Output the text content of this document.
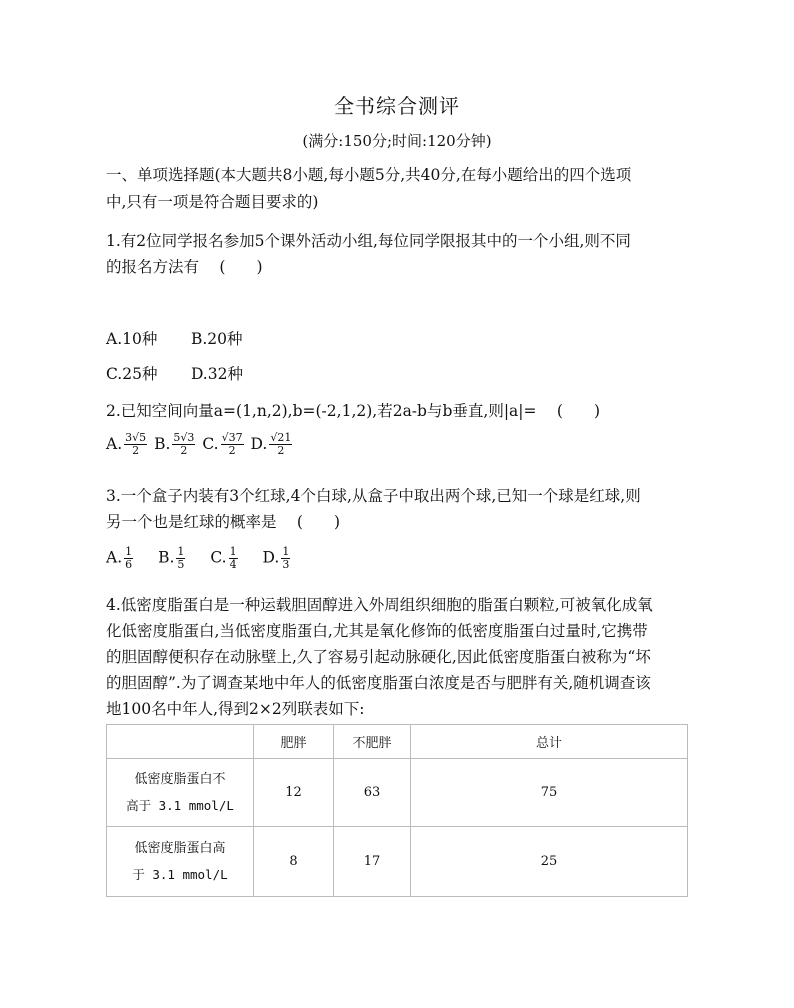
全书综合测评
(满分:150分;时间:120分钟)
一、单项选择题(本大题共8小题,每小题5分,共40分,在每小题给出的四个选项
中,只有一项是符合题目要求的)
1.有2位同学报名参加5个课外活动小组,每位同学限报其中的一个小组,则不同
的报名方法有　 (　　)
A.10种 B.20种
C.25种 D.32种
2.已知空间向量a=(1,n,2),b=(-2,1,2),若2a-b与b垂直,则|a|=　 (　　)
A. $\frac{3√5}{2} B$. $\frac{5√3}{2} C$. $\frac{√37}{2} D$. $\frac{√21}{2}$
3.一个盒子内装有3个红球,4个白球,从盒子中取出两个球,已知一个球是红球,则
另一个也是红球的概率是　 (　　)
A. $\frac{1}{6} B$. $\frac{1}{5} C$. $\frac{1}{4} D$. $\frac{1}{3}$
4.低密度脂蛋白是一种运载胆固醇进入外周组织细胞的脂蛋白颗粒,可被氧化成氧
化低密度脂蛋白,当低密度脂蛋白,尤其是氧化修饰的低密度脂蛋白过量时,它携带
的胆固醇便积存在动脉壁上,久了容易引起动脉硬化,因此低密度脂蛋白被称为“坏
的胆固醇”.为了调查某地中年人的低密度脂蛋白浓度是否与肥胖有关,随机调查该
地100名中年人,得到2×2列联表如下:
	肥胖	不肥胖	总计

低密度脂蛋白不
高于 3.1 mmol/L	12	63	75

低密度脂蛋白高
于 3.1 mmol/L	8	17	25
